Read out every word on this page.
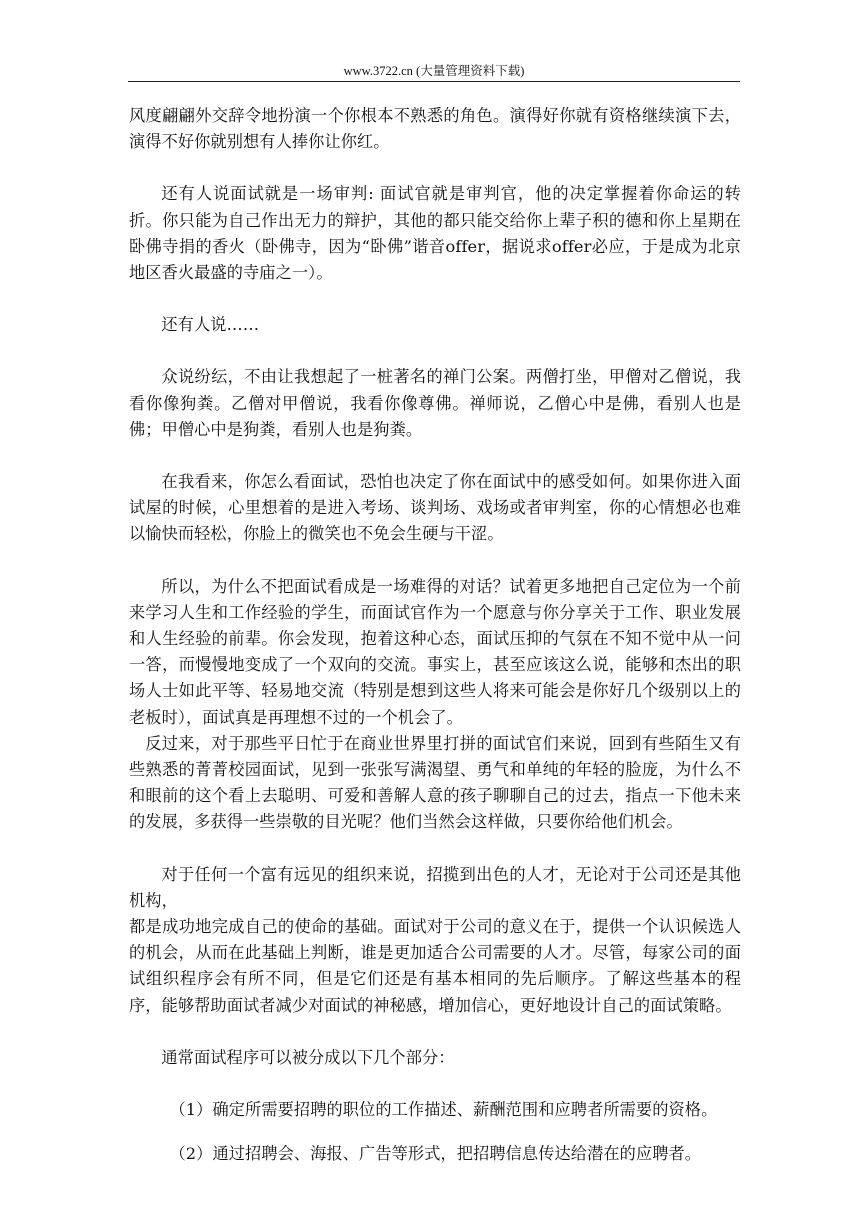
www.3722.cn (大量管理资料下载)

风度翩翩外交辞令地扮演一个你根本不熟悉的角色。演得好你就有资格继续演下去，演得不好你就别想有人捧你让你红。

还有人说面试就是一场审判: 面试官就是审判官，他的决定掌握着你命运的转折。你只能为自己作出无力的辩护，其他的都只能交给你上辈子积的德和你上星期在卧佛寺捐的香火（卧佛寺，因为“卧佛”谐音offer，据说求offer必应，于是成为北京地区香火最盛的寺庙之一）。

还有人说……

众说纷纭，不由让我想起了一桩著名的禅门公案。两僧打坐，甲僧对乙僧说，我看你像狗粪。乙僧对甲僧说，我看你像尊佛。禅师说，乙僧心中是佛，看别人也是佛；甲僧心中是狗粪，看别人也是狗粪。

在我看来，你怎么看面试，恐怕也决定了你在面试中的感受如何。如果你进入面试屋的时候，心里想着的是进入考场、谈判场、戏场或者审判室，你的心情想必也难以愉快而轻松，你脸上的微笑也不免会生硬与干涩。

所以，为什么不把面试看成是一场难得的对话？试着更多地把自己定位为一个前来学习人生和工作经验的学生，而面试官作为一个愿意与你分享关于工作、职业发展和人生经验的前辈。你会发现，抱着这种心态，面试压抑的气氛在不知不觉中从一问一答，而慢慢地变成了一个双向的交流。事实上，甚至应该这么说，能够和杰出的职场人士如此平等、轻易地交流（特别是想到这些人将来可能会是你好几个级别以上的老板时），面试真是再理想不过的一个机会了。

反过来，对于那些平日忙于在商业世界里打拼的面试官们来说，回到有些陌生又有些熟悉的菁菁校园面试，见到一张张写满渴望、勇气和单纯的年轻的脸庞，为什么不和眼前的这个看上去聪明、可爱和善解人意的孩子聊聊自己的过去，指点一下他未来的发展，多获得一些崇敬的目光呢？他们当然会这样做，只要你给他们机会。

对于任何一个富有远见的组织来说，招揽到出色的人才，无论对于公司还是其他机构，

都是成功地完成自己的使命的基础。面试对于公司的意义在于，提供一个认识候选人的机会，从而在此基础上判断，谁是更加适合公司需要的人才。尽管，每家公司的面试组织程序会有所不同，但是它们还是有基本相同的先后顺序。了解这些基本的程序，能够帮助面试者减少对面试的神秘感，增加信心，更好地设计自己的面试策略。

通常面试程序可以被分成以下几个部分：

（1）确定所需要招聘的职位的工作描述、薪酬范围和应聘者所需要的资格。

（2）通过招聘会、海报、广告等形式，把招聘信息传达给潜在的应聘者。
